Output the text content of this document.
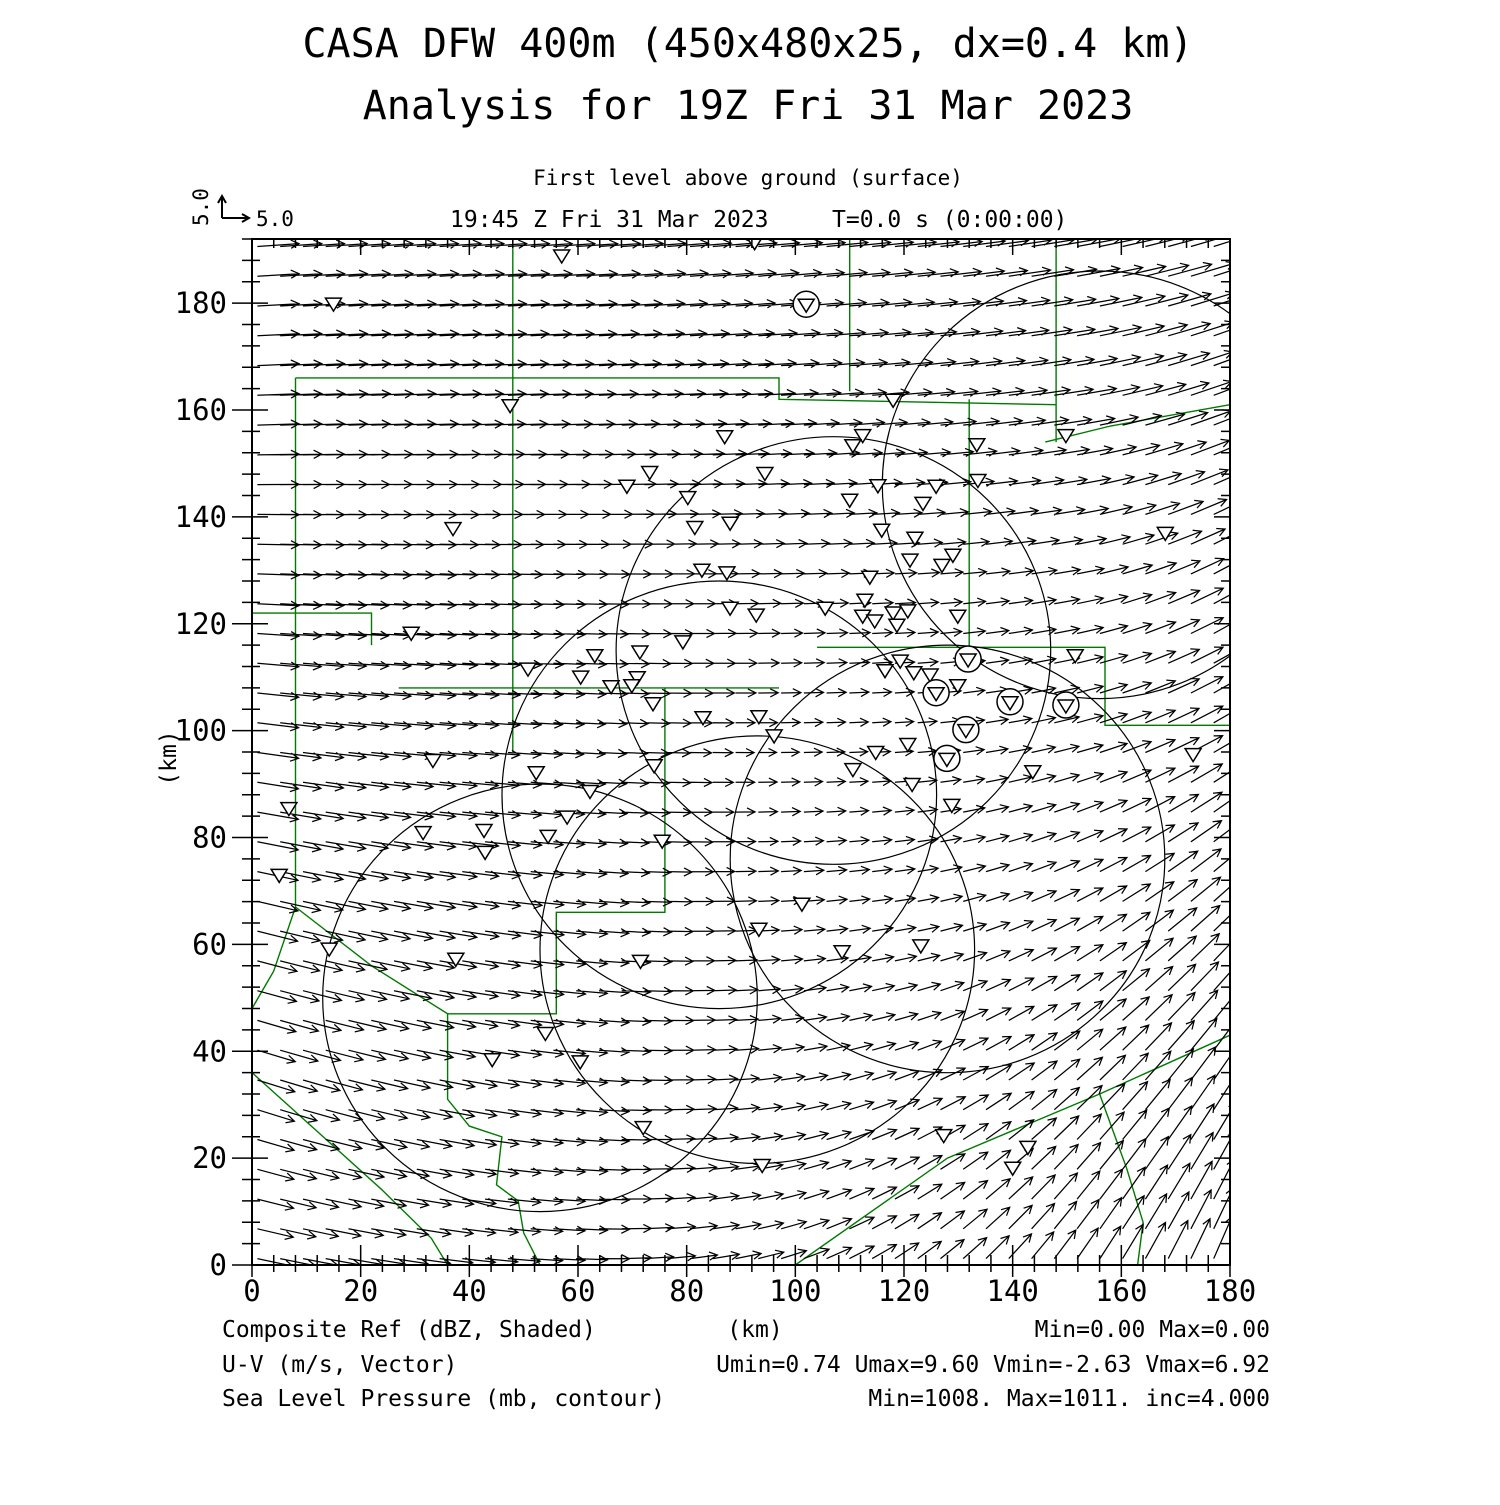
CASA DFW 400m (450x480x25, dx=0.4 km)
Analysis for 19Z Fri 31 Mar 2023
First level above ground (surface)
19:45 Z Fri 31 Mar 2023	T=0.0 s (0:00:00)
5.0
5.0
(km)
0	20	40	60	80 100 120 140 160 180
0
20
40
60
80
100
120
140
160
180
Composite Ref (dBZ, Shaded)	(km)	Min=0.00 Max=0.00
U-V (m/s, Vector)	Umin=0.74 Umax=9.60 Vmin=-2.63 Vmax=6.92
Sea Level Pressure (mb, contour)	Min=1008. Max=1011. inc=4.000
